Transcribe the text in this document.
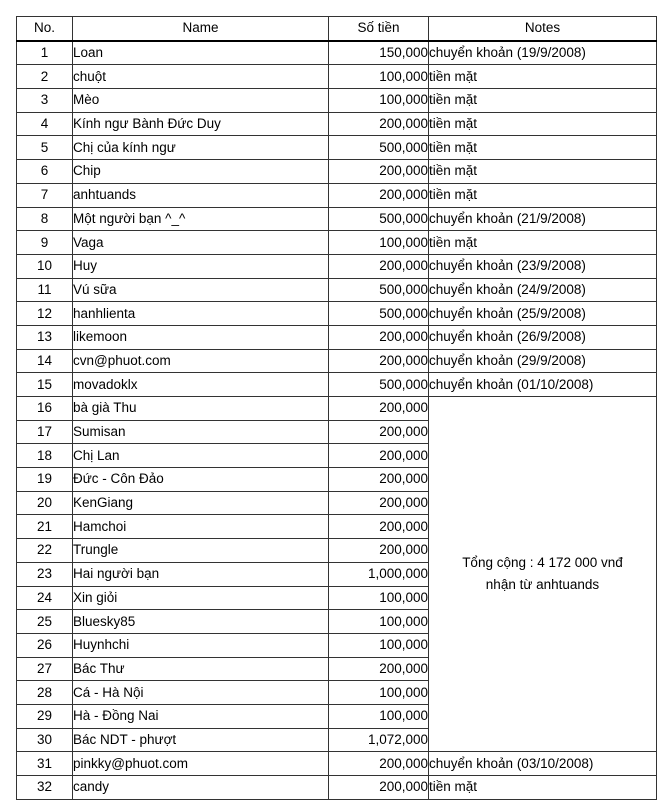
No.	Name	Số tiền	Notes
1	Loan	150,000	chuyển khoản (19/9/2008)
2	chuột	100,000	tiền mặt
3	Mèo	100,000	tiền mặt
4	Kính ngư Bành Đức Duy	200,000	tiền mặt
5	Chị của kính ngư	500,000	tiền mặt
6	Chip	200,000	tiền mặt
7	anhtuands	200,000	tiền mặt
8	Một người bạn ^_^	500,000	chuyển khoản (21/9/2008)
9	Vaga	100,000	tiền mặt
10	Huy	200,000	chuyển khoản (23/9/2008)
11	Vú sữa	500,000	chuyển khoản (24/9/2008)
12	hanhlienta	500,000	chuyển khoản (25/9/2008)
13	likemoon	200,000	chuyển khoản (26/9/2008)
14	cvn@phuot.com	200,000	chuyển khoản (29/9/2008)
15	movadoklx	500,000	chuyển khoản (01/10/2008)
16	bà già Thu	200,000	Tổng cộng : 4 172 000 vnđ
nhận từ anhtuands

17	Sumisan	200,000	
18	Chị Lan	200,000	
19	Đức - Côn Đảo	200,000	
20	KenGiang	200,000	
21	Hamchoi	200,000	
22	Trungle	200,000	
23	Hai người bạn	1,000,000	
24	Xin giỏi	100,000	
25	Bluesky85	100,000	
26	Huynhchi	100,000	
27	Bác Thư	200,000	
28	Cá - Hà Nội	100,000	
29	Hà - Đồng Nai	100,000	
30	Bác NDT - phượt	1,072,000	
31	pinkky@phuot.com	200,000	chuyển khoản (03/10/2008)
32	candy	200,000	tiền mặt
